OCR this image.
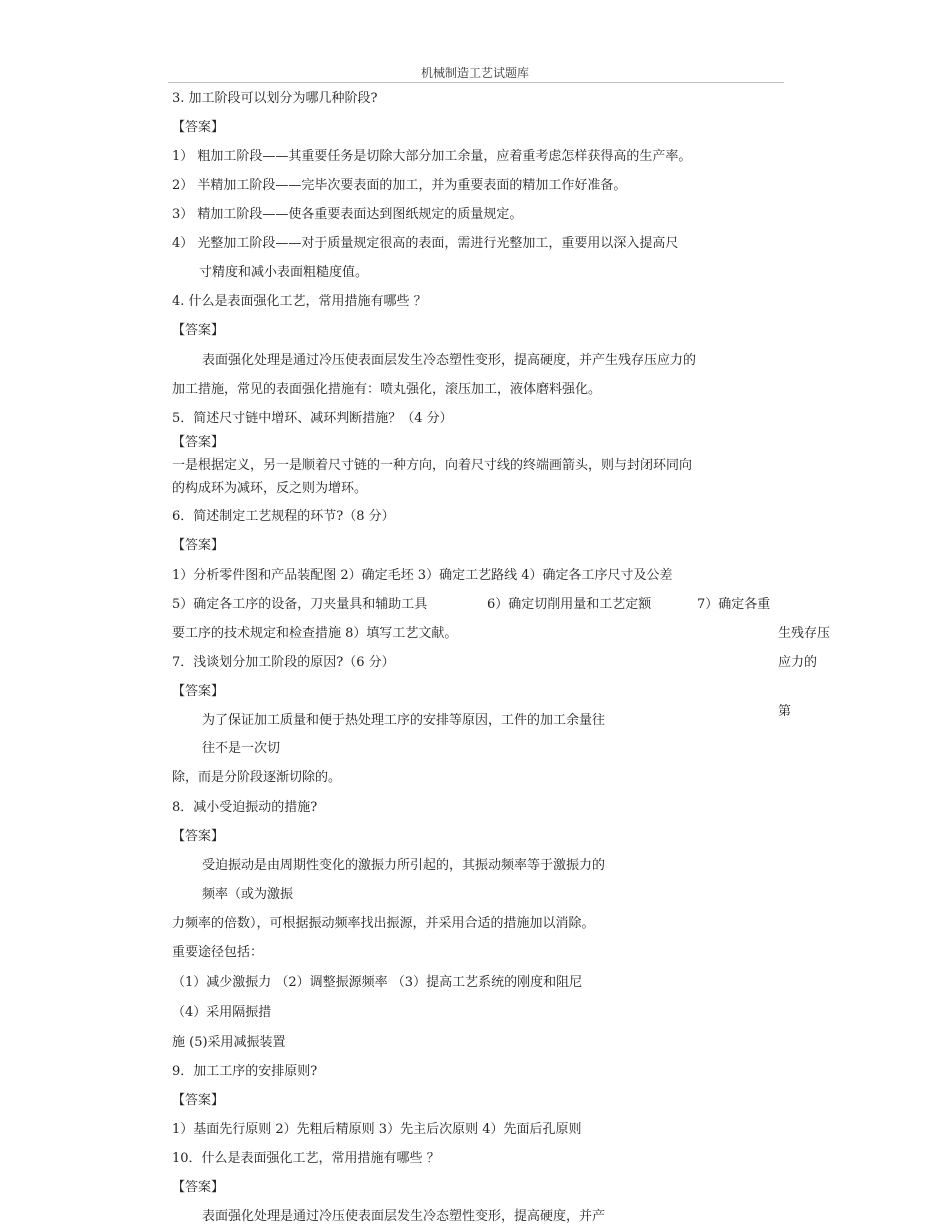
机械制造工艺试题库
3. 加工阶段可以划分为哪几种阶段?
【答案】
1） 粗加工阶段——其重要任务是切除大部分加工余量，应着重考虑怎样获得高的生产率。
2） 半精加工阶段——完毕次要表面的加工，并为重要表面的精加工作好准备。
3） 精加工阶段——使各重要表面达到图纸规定的质量规定。
4） 光整加工阶段——对于质量规定很高的表面，需进行光整加工，重要用以深入提高尺
寸精度和减小表面粗糙度值。
4. 什么是表面强化工艺，常用措施有哪些 ？
【答案】
表面强化处理是通过冷压使表面层发生冷态塑性变形，提高硬度，并产生残存压应力的
加工措施，常见的表面强化措施有：喷丸强化，滚压加工，液体磨料强化。
5．简述尺寸链中增环、减环判断措施？（4 分）
【答案】
一是根据定义，另一是顺着尺寸链的一种方向，向着尺寸线的终端画箭头，则与封闭环同向
的构成环为减环，反之则为增环。
6．简述制定工艺规程的环节?（8 分）
【答案】
1）分析零件图和产品装配图 2）确定毛坯 3）确定工艺路线 4）确定各工序尺寸及公差
5）确定各工序的设备，刀夹量具和辅助工具	6）确定切削用量和工艺定额	7）确定各重
要工序的技术规定和检查措施 8）填写工艺文献。
7．浅谈划分加工阶段的原因?（6 分）
【答案】
为了保证加工质量和便于热处理工序的安排等原因，工件的加工余量往
往不是一次切
除，而是分阶段逐渐切除的。
8．减小受迫振动的措施?
【答案】
受迫振动是由周期性变化的激振力所引起的，其振动频率等于激振力的
频率（或为激振
力频率的倍数），可根据振动频率找出振源，并采用合适的措施加以消除。
重要途径包括：
（1）减少激振力 （2）调整振源频率 （3）提高工艺系统的刚度和阻尼
（4）采用隔振措
施 (5)采用减振装置
9．加工工序的安排原则?
【答案】
1）基面先行原则 2）先粗后精原则 3）先主后次原则 4）先面后孔原则
10．什么是表面强化工艺，常用措施有哪些 ？
【答案】
表面强化处理是通过冷压使表面层发生冷态塑性变形，提高硬度，并产
生残存压
应力的
第
